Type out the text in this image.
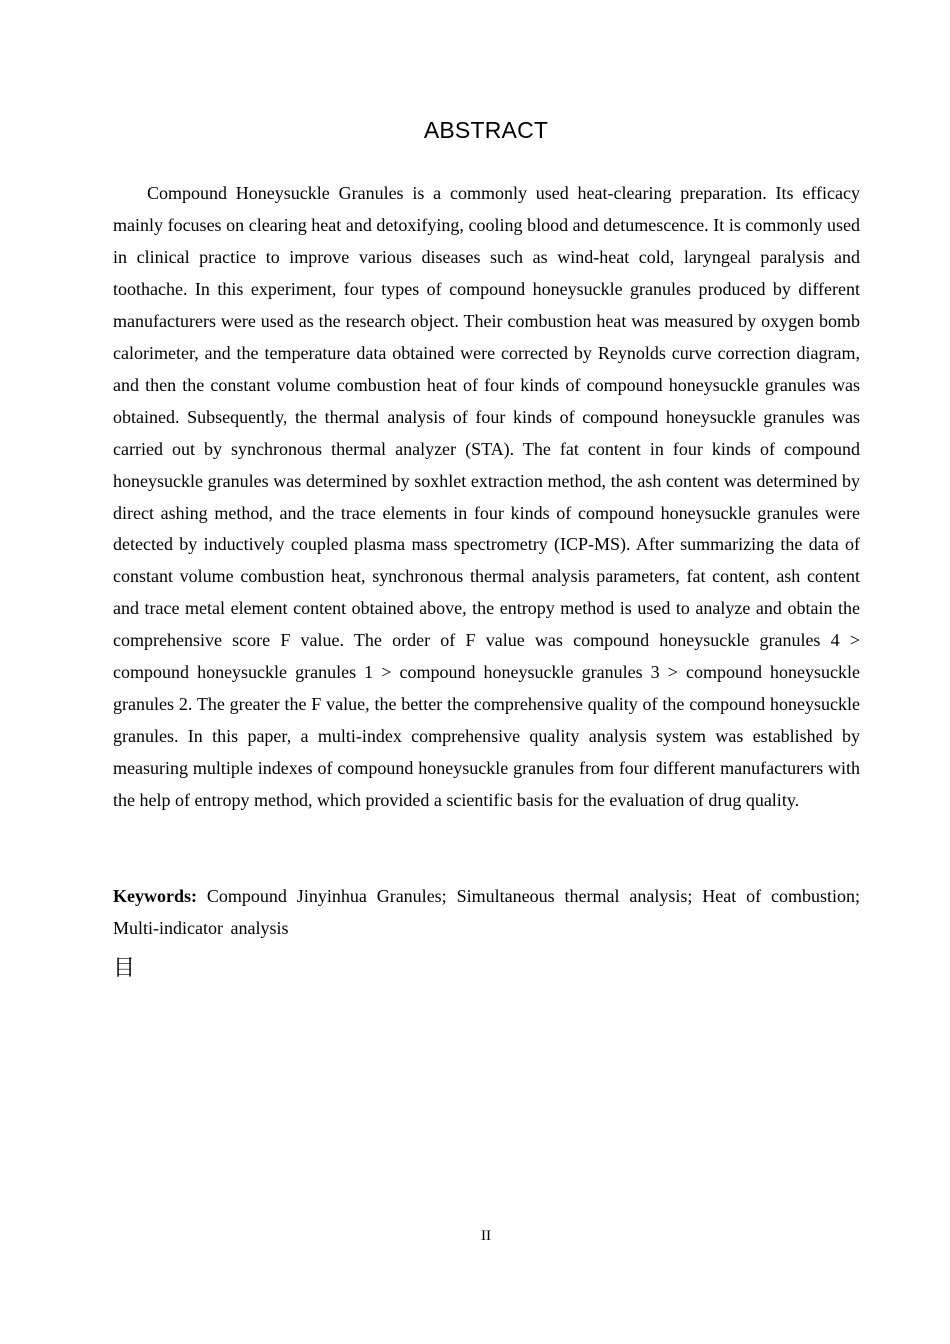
ABSTRACT

Compound Honeysuckle Granules is a commonly used heat-clearing preparation. Its efficacy mainly focuses on clearing heat and detoxifying, cooling blood and detumescence. It is commonly used in clinical practice to improve various diseases such as wind-heat cold, laryngeal paralysis and toothache. In this experiment, four types of compound honeysuckle granules produced by different manufacturers were used as the research object. Their combustion heat was measured by oxygen bomb calorimeter, and the temperature data obtained were corrected by Reynolds curve correction diagram, and then the constant volume combustion heat of four kinds of compound honeysuckle granules was obtained. Subsequently, the thermal analysis of four kinds of compound honeysuckle granules was carried out by synchronous thermal analyzer (STA). The fat content in four kinds of compound honeysuckle granules was determined by soxhlet extraction method, the ash content was determined by direct ashing method, and the trace elements in four kinds of compound honeysuckle granules were detected by inductively coupled plasma mass spectrometry (ICP-MS). After summarizing the data of constant volume combustion heat, synchronous thermal analysis parameters, fat content, ash content and trace metal element content obtained above, the entropy method is used to analyze and obtain the comprehensive score F value. The order of F value was compound honeysuckle granules 4 > compound honeysuckle granules 1 > compound honeysuckle granules 3 > compound honeysuckle granules 2. The greater the F value, the better the comprehensive quality of the compound honeysuckle granules. In this paper, a multi-index comprehensive quality analysis system was established by measuring multiple indexes of compound honeysuckle granules from four different manufacturers with the help of entropy method, which provided a scientific basis for the evaluation of drug quality.

Keywords: Compound Jinyinhua Granules; Simultaneous thermal analysis; Heat of combustion; Multi-indicator analysis

目
II
